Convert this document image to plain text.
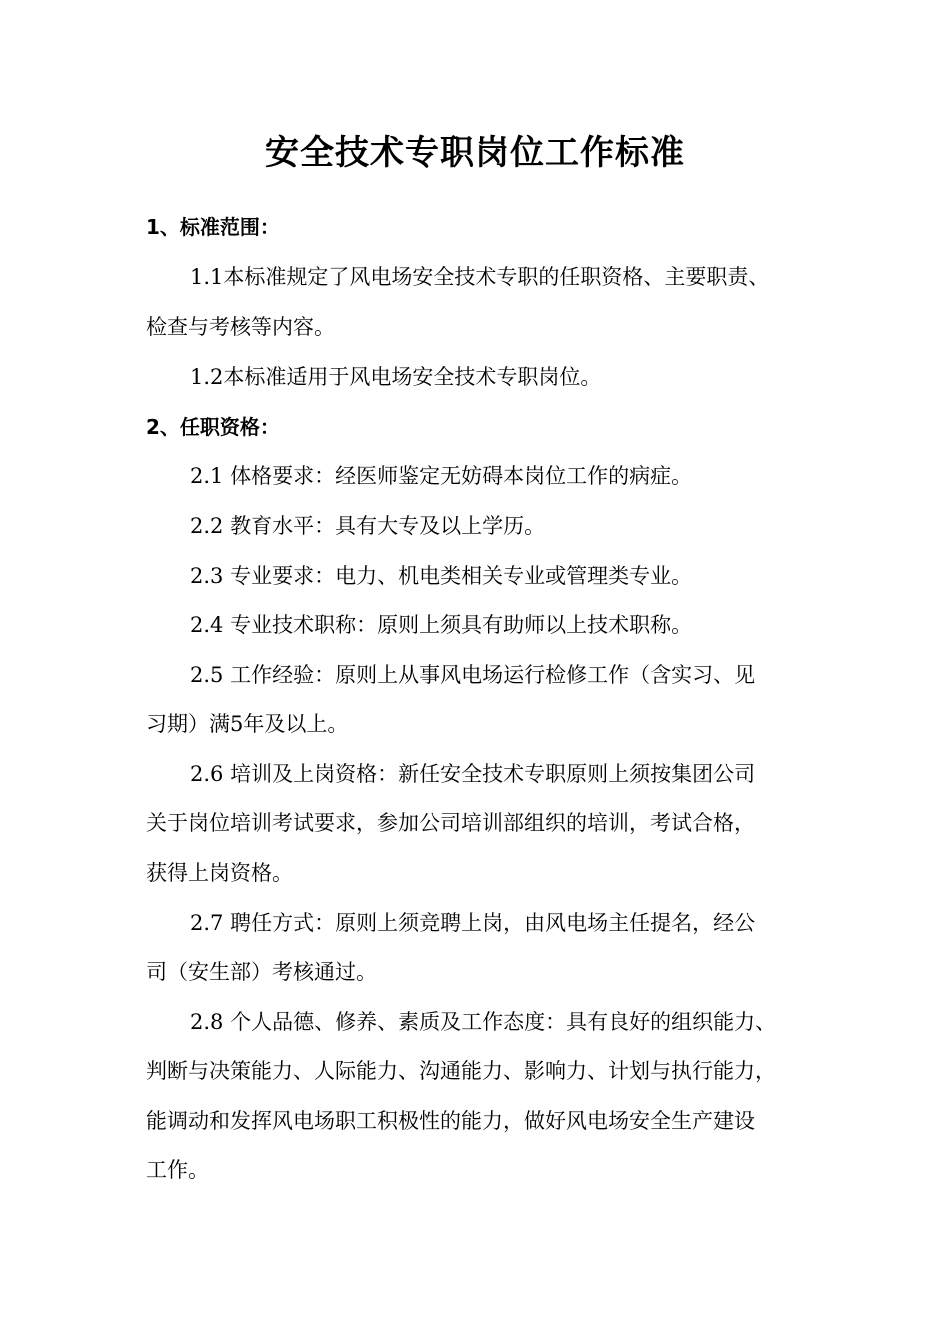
安全技术专职岗位工作标准
1、标准范围：
1.1本标准规定了风电场安全技术专职的任职资格、主要职责、
检查与考核等内容。
1.2本标准适用于风电场安全技术专职岗位。
2、任职资格：
2.1 体格要求：经医师鉴定无妨碍本岗位工作的病症。
2.2 教育水平：具有大专及以上学历。
2.3 专业要求：电力、机电类相关专业或管理类专业。
2.4 专业技术职称：原则上须具有助师以上技术职称。
2.5 工作经验：原则上从事风电场运行检修工作（含实习、见
习期）满5年及以上。
2.6 培训及上岗资格：新任安全技术专职原则上须按集团公司
关于岗位培训考试要求，参加公司培训部组织的培训，考试合格，
获得上岗资格。
2.7 聘任方式：原则上须竞聘上岗，由风电场主任提名，经公
司（安生部）考核通过。
2.8 个人品德、修养、素质及工作态度：具有良好的组织能力、
判断与决策能力、人际能力、沟通能力、影响力、计划与执行能力，
能调动和发挥风电场职工积极性的能力，做好风电场安全生产建设
工作。
